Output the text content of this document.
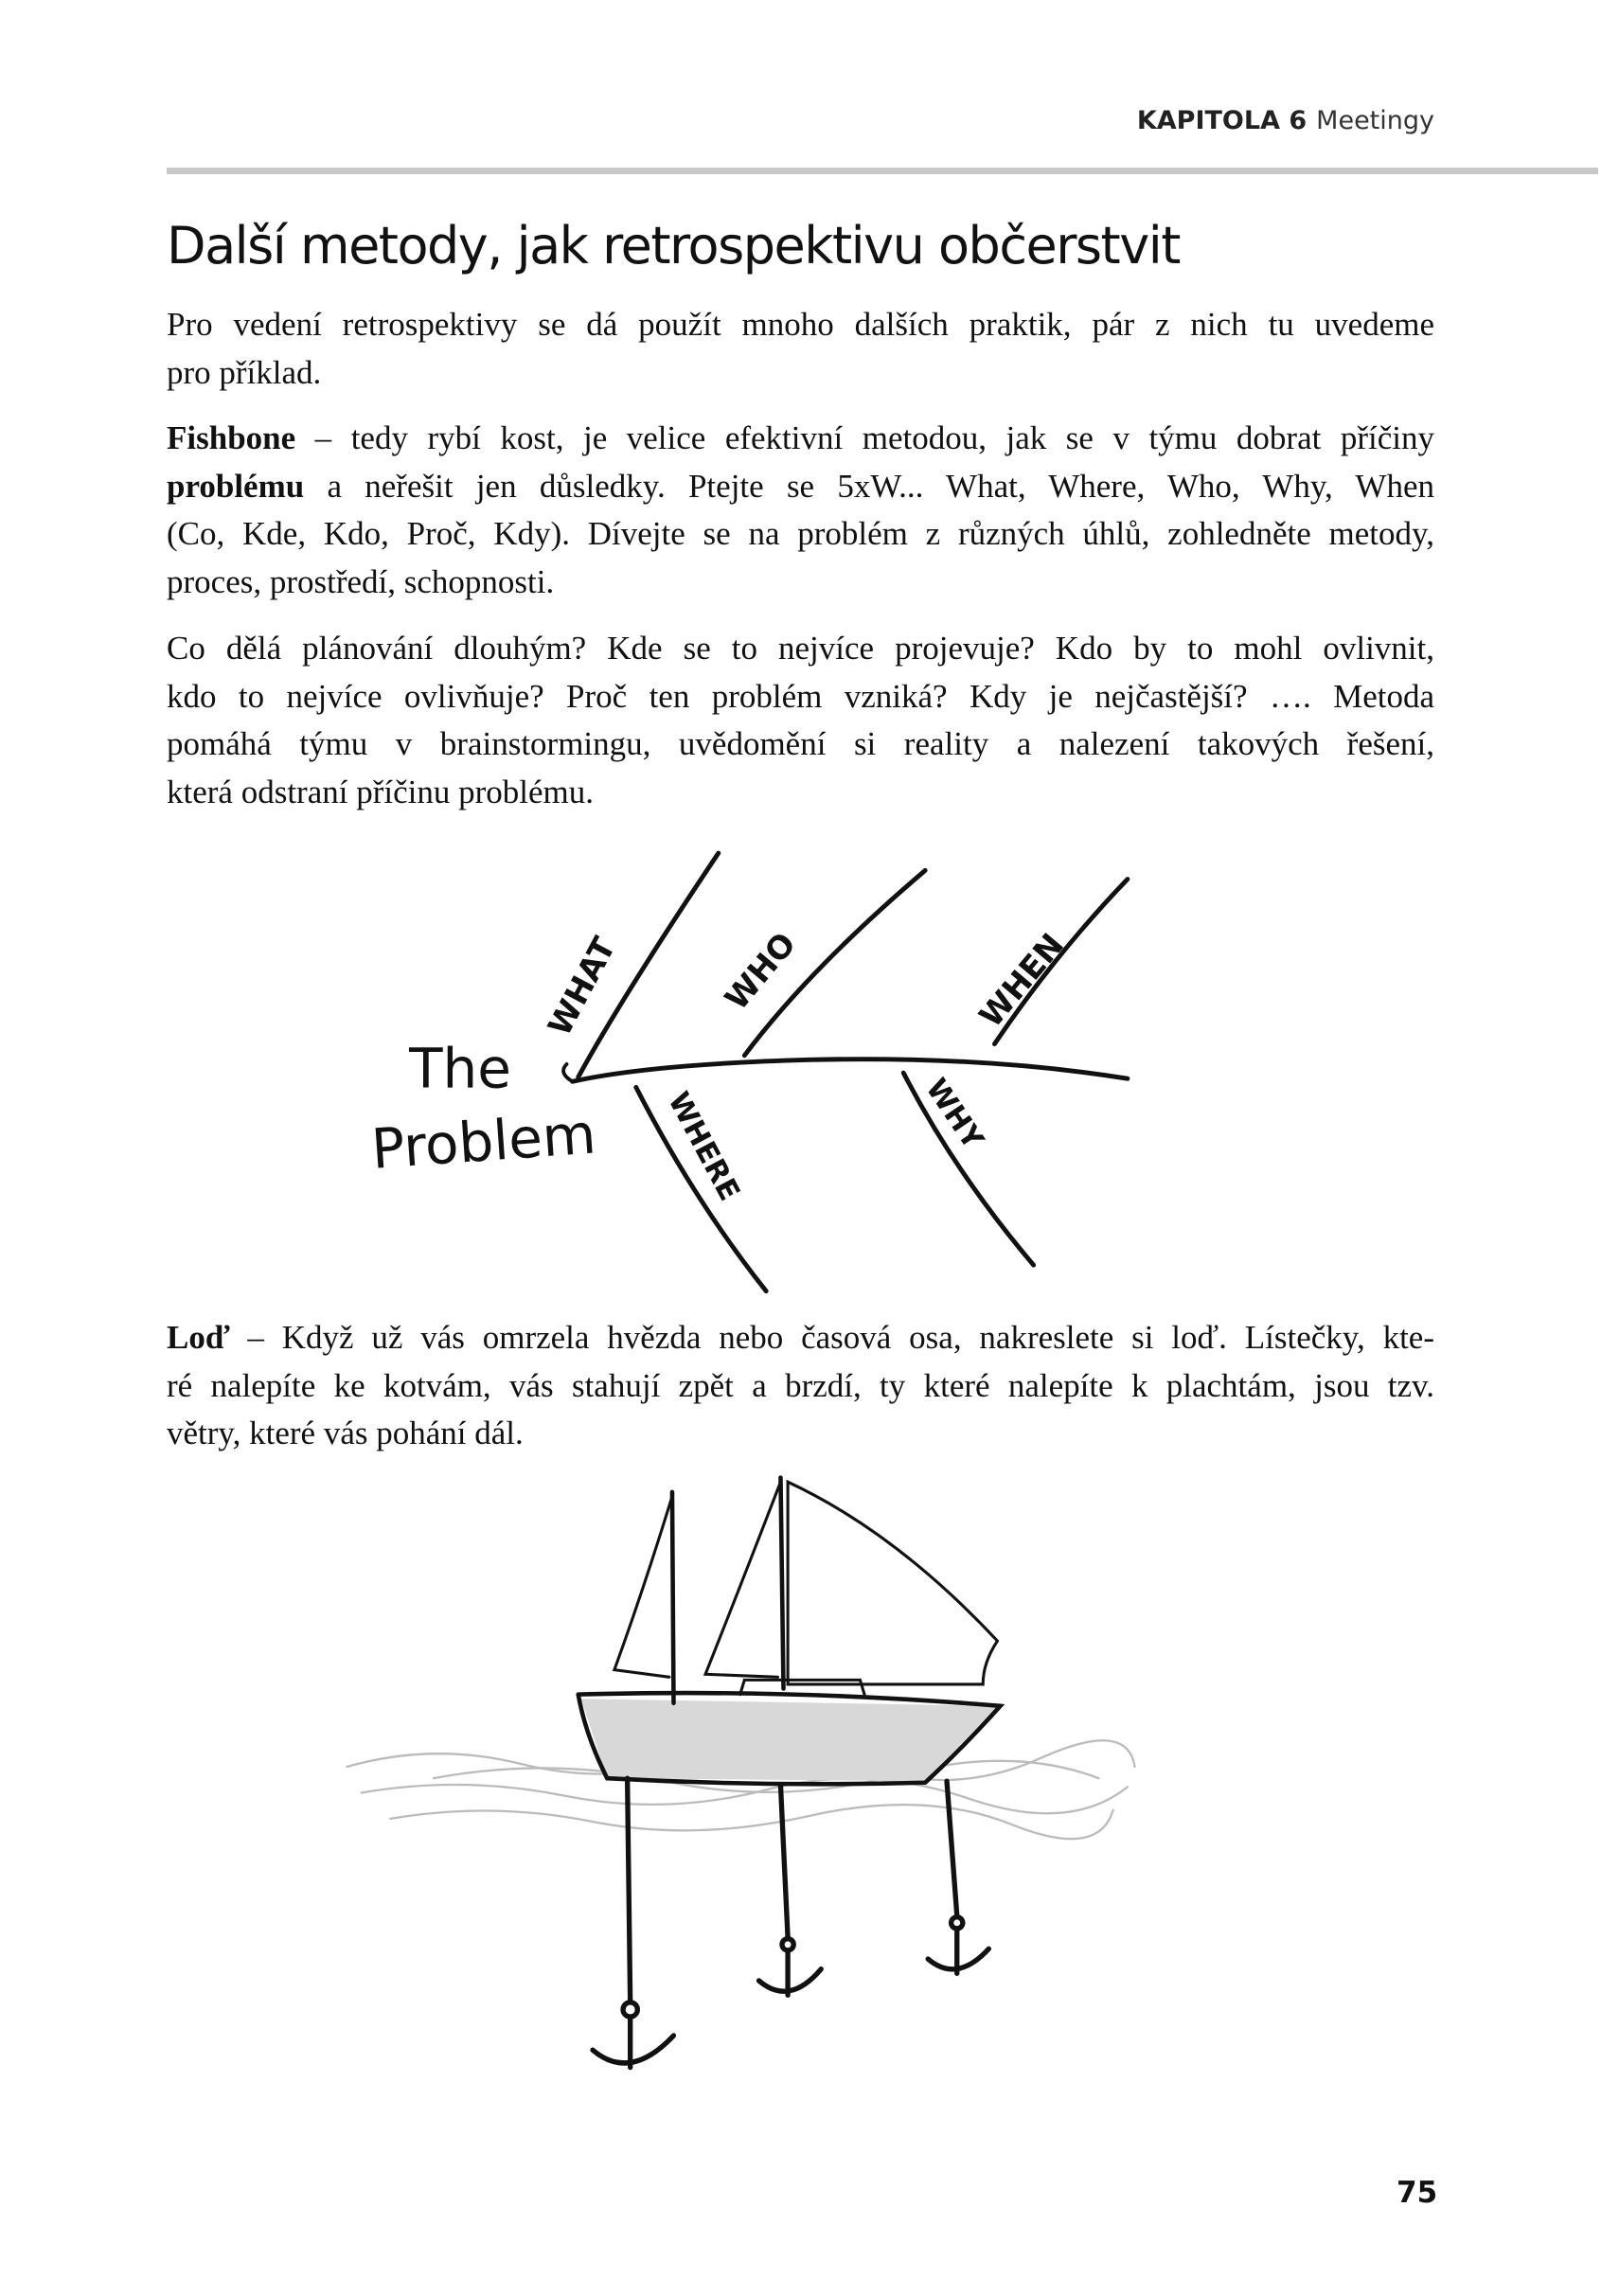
KAPITOLA 6 Meetingy
Další metody, jak retrospektivu občerstvit
Pro vedení retrospektivy se dá použít mnoho dalších praktik, pár z nich tu uvedeme
pro příklad.
Fishbone – tedy rybí kost, je velice efektivní metodou, jak se v týmu dobrat příčiny
problému a neřešit jen důsledky. Ptejte se 5xW... What, Where, Who, Why, When
(Co, Kde, Kdo, Proč, Kdy). Dívejte se na problém z různých úhlů, zohledněte metody,
proces, prostředí, schopnosti.
Co dělá plánování dlouhým? Kde se to nejvíce projevuje? Kdo by to mohl ovlivnit,
kdo to nejvíce ovlivňuje? Proč ten problém vzniká? Kdy je nejčastější? …. Metoda
pomáhá týmu v brainstormingu, uvědomění si reality a nalezení takových řešení,
která odstraní příčinu problému.
Loď – Když už vás omrzela hvězda nebo časová osa, nakreslete si loď. Lístečky, kte-
ré nalepíte ke kotvám, vás stahují zpět a brzdí, ty které nalepíte k plachtám, jsou tzv.
větry, které vás pohání dál.
The
Problem
WHAT	WHO	WHEN
WHERE	WHY
75
